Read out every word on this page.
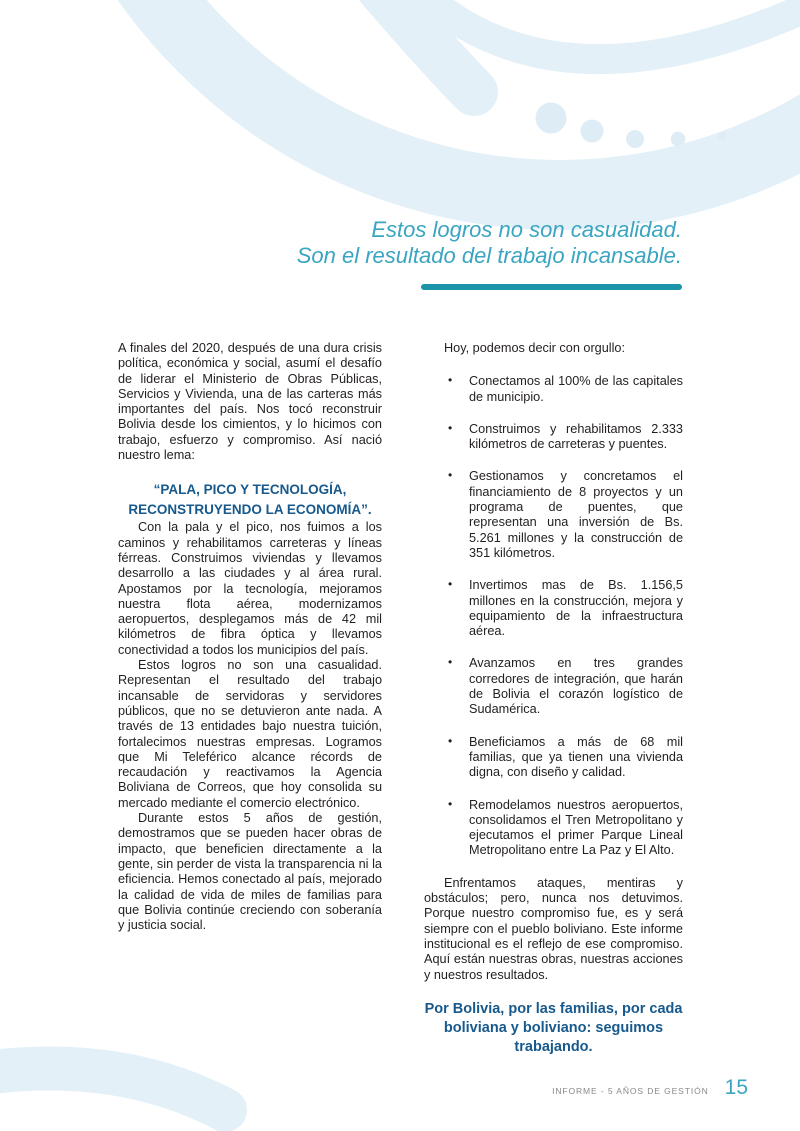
Estos logros no son casualidad.
Son el resultado del trabajo incansable.

A finales del 2020, después de una dura crisis política, económica y social, asumí el desafío de liderar el Ministerio de Obras Públicas, Servicios y Vivienda, una de las carteras más importantes del país. Nos tocó reconstruir Bolivia desde los cimientos, y lo hicimos con trabajo, esfuerzo y compromiso. Así nació nuestro lema:

“PALA, PICO Y TECNOLOGÍA,
RECONSTRUYENDO LA ECONOMÍA”.

Con la pala y el pico, nos fuimos a los caminos y rehabilitamos carreteras y líneas férreas. Construimos viviendas y llevamos desarrollo a las ciudades y al área rural. Apostamos por la tecnología, mejoramos nuestra flota aérea, modernizamos aeropuertos, desplegamos más de 42 mil kilómetros de fibra óptica y llevamos conectividad a todos los municipios del país.

Estos logros no son una casualidad. Representan el resultado del trabajo incansable de servidoras y servidores públicos, que no se detuvieron ante nada. A través de 13 entidades bajo nuestra tuición, fortalecimos nuestras empresas. Logramos que Mi Teleférico alcance récords de recaudación y reactivamos la Agencia Boliviana de Correos, que hoy consolida su mercado mediante el comercio electrónico.

Durante estos 5 años de gestión, demostramos que se pueden hacer obras de impacto, que beneficien directamente a la gente, sin perder de vista la transparencia ni la eficiencia. Hemos conectado al país, mejorado la calidad de vida de miles de familias para que Bolivia continúe creciendo con soberanía y justicia social.

Hoy, podemos decir con orgullo:

• Conectamos al 100% de las capitales de municipio.
• Construimos y rehabilitamos 2.333 kilómetros de carreteras y puentes.
• Gestionamos y concretamos el financiamiento de 8 proyectos y un programa de puentes, que representan una inversión de Bs. 5.261 millones y la construcción de 351 kilómetros.
• Invertimos mas de Bs. 1.156,5 millones en la construcción, mejora y equipamiento de la infraestructura aérea.
• Avanzamos en tres grandes corredores de integración, que harán de Bolivia el corazón logístico de Sudamérica.
• Beneficiamos a más de 68 mil familias, que ya tienen una vivienda digna, con diseño y calidad.
• Remodelamos nuestros aeropuertos, consolidamos el Tren Metropolitano y ejecutamos el primer Parque Lineal Metropolitano entre La Paz y El Alto.

Enfrentamos ataques, mentiras y obstáculos; pero, nunca nos detuvimos. Porque nuestro compromiso fue, es y será siempre con el pueblo boliviano. Este informe institucional es el reflejo de ese compromiso. Aquí están nuestras obras, nuestras acciones y nuestros resultados.

Por Bolivia, por las familias, por cada boliviana y boliviano: seguimos trabajando.
INFORME - 5 AÑOS DE GESTIÓN 15
